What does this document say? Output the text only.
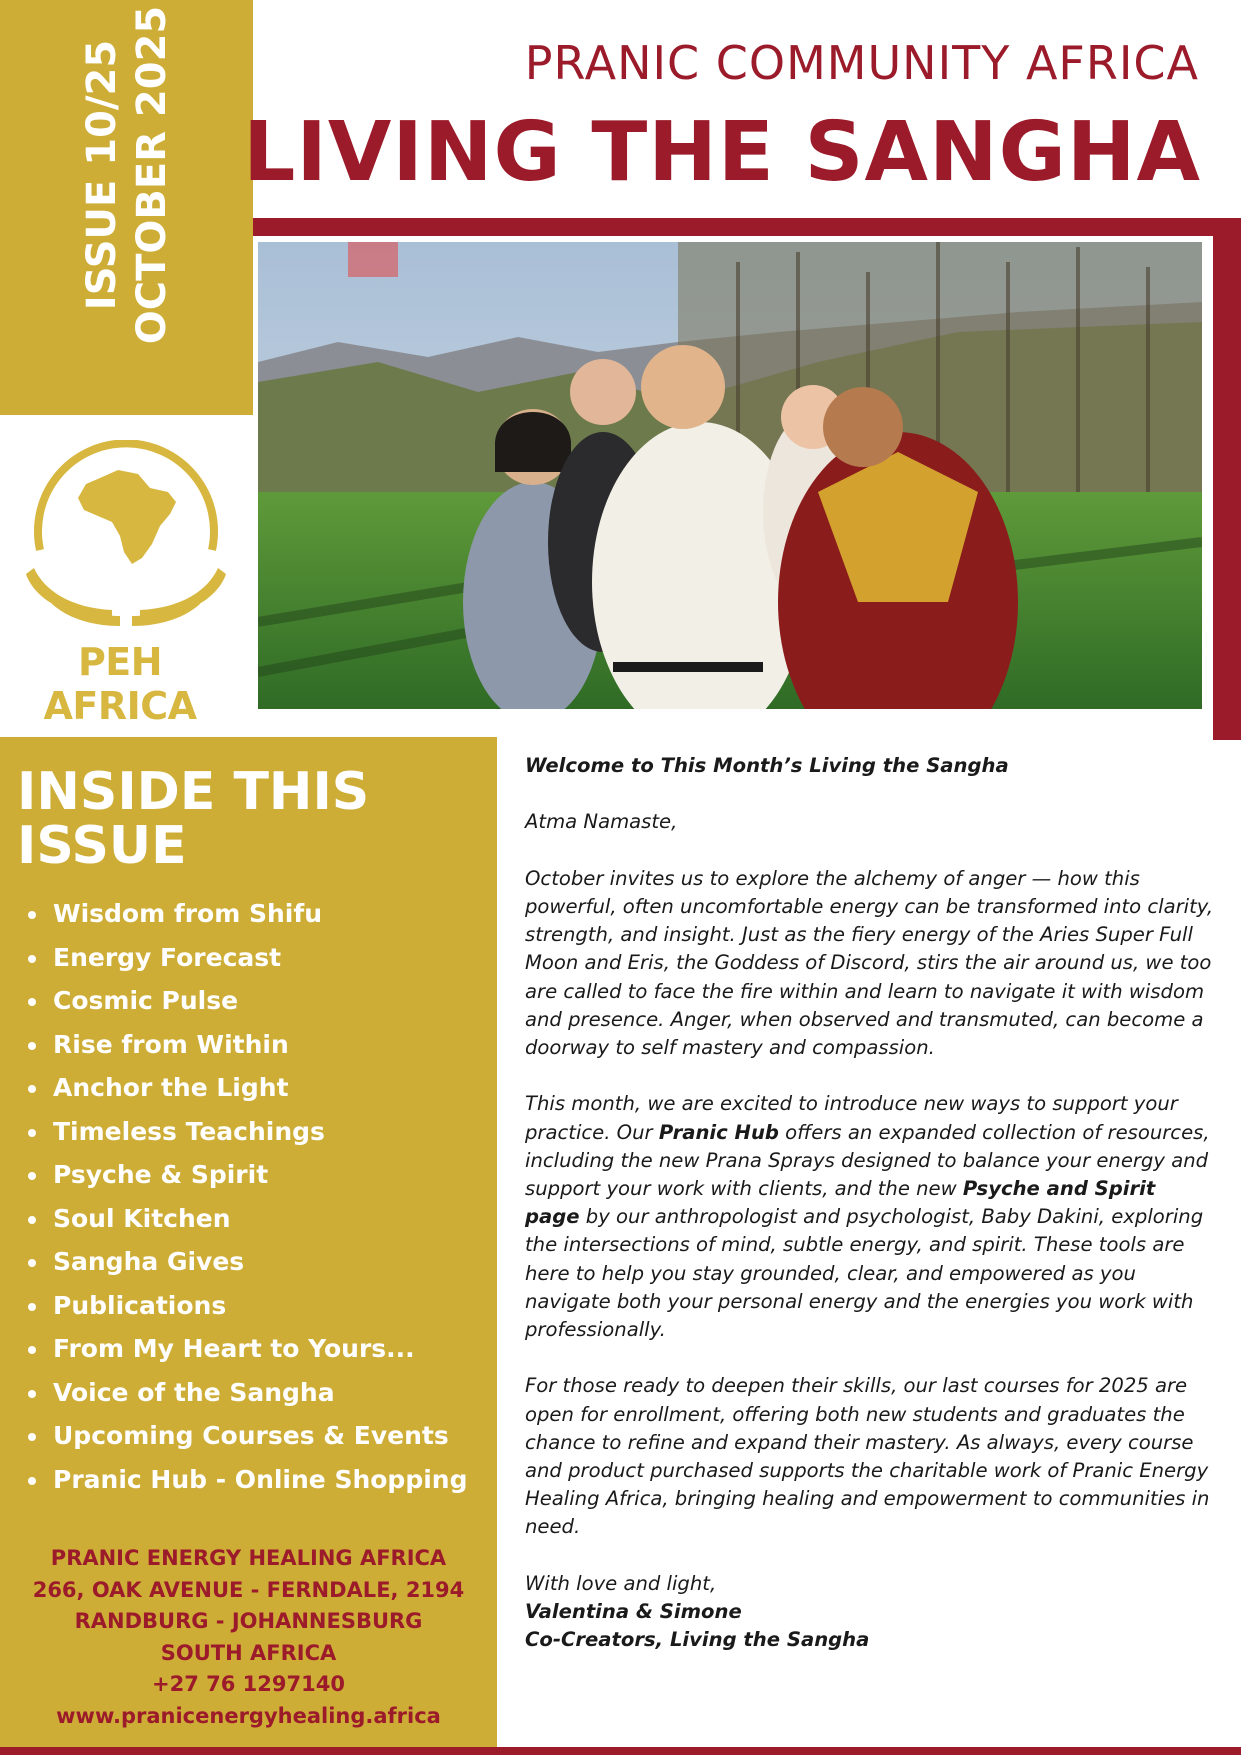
ISSUE 10/25 OCTOBER 2025
PEH AFRICA
PRANIC COMMUNITY AFRICA
LIVING THE SANGHA
INSIDE THIS ISSUE
Wisdom from Shifu
Energy Forecast
Cosmic Pulse
Rise from Within
Anchor the Light
Timeless Teachings
Psyche & Spirit
Soul Kitchen
Sangha Gives
Publications
From My Heart to Yours...
Voice of the Sangha
Upcoming Courses & Events
Pranic Hub - Online Shopping
PRANIC ENERGY HEALING AFRICA
266, OAK AVENUE - FERNDALE, 2194
RANDBURG - JOHANNESBURG
SOUTH AFRICA
+27 76 1297140
www.pranicenergyhealing.africa

Welcome to This Month’s Living the Sangha

Atma Namaste,

October invites us to explore the alchemy of anger — how this powerful, often uncomfortable energy can be transformed into clarity, strength, and insight. Just as the fiery energy of the Aries Super Full Moon and Eris, the Goddess of Discord, stirs the air around us, we too are called to face the fire within and learn to navigate it with wisdom and presence. Anger, when observed and transmuted, can become a doorway to self mastery and compassion.

This month, we are excited to introduce new ways to support your practice. Our Pranic Hub offers an expanded collection of resources, including the new Prana Sprays designed to balance your energy and support your work with clients, and the new Psyche and Spirit page by our anthropologist and psychologist, Baby Dakini, exploring the intersections of mind, subtle energy, and spirit. These tools are here to help you stay grounded, clear, and empowered as you navigate both your personal energy and the energies you work with professionally.

For those ready to deepen their skills, our last courses for 2025 are open for enrollment, offering both new students and graduates the chance to refine and expand their mastery. As always, every course and product purchased supports the charitable work of Pranic Energy Healing Africa, bringing healing and empowerment to communities in need.

With love and light,

Valentina & Simone

Co-Creators, Living the Sangha
